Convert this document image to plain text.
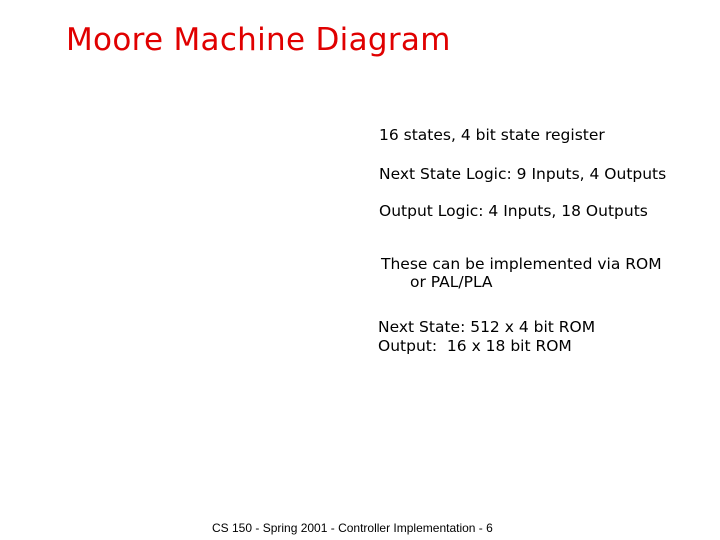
Moore Machine Diagram

16 states, 4 bit state register

Next State Logic: 9 Inputs, 4 Outputs

Output Logic: 4 Inputs, 18 Outputs

These can be implemented via ROM

or PAL/PLA

Next State: 512 x 4 bit ROM

Output:  16 x 18 bit ROM

CS 150 - Spring 2001 - Controller Implementation - 6
